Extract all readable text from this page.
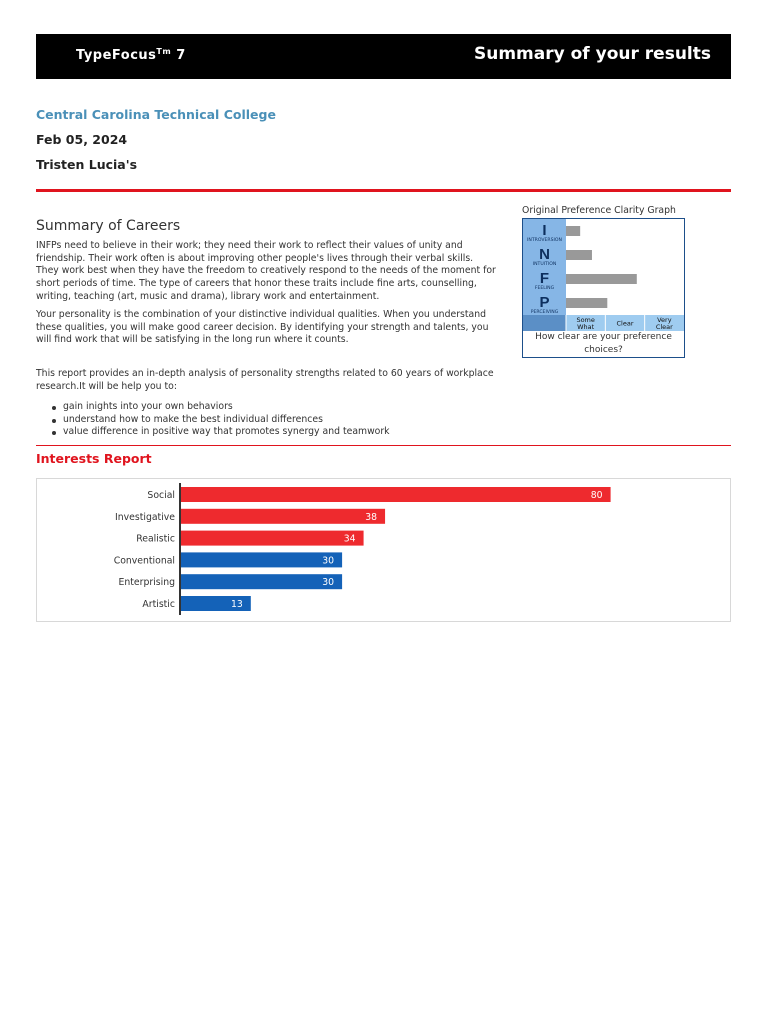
TypeFocus$^{Tm}$ 7	Summary of your results
Central Carolina Technical College
Feb 05, 2024
Tristen Lucia's
Summary of Careers
INFPs need to believe in their work; they need their work to reflect their values of unity and friendship. Their work often is about improving other people's lives through their verbal skills. They work best when they have the freedom to creatively respond to the needs of the moment for short periods of time. The type of careers that honor these traits include fine arts, counselling, writing, teaching (art, music and drama), library work and entertainment.
Your personality is the combination of your distinctive individual qualities. When you understand these qualities, you will make good career decision. By identifying your strength and talents, you will find work that will be satisfying in the long run where it counts.
This report provides an in-depth analysis of personality strengths related to 60 years of workplace research.It will be help you to:
gain inights into your own behaviors
understand how to make the best individual differences
value difference in positive way that promotes synergy and teamwork
Original Preference Clarity Graph
I
INTROVERSION
N
INTUITION
F
FEELING
P
PERCEIVING
Some
What	Clear	Very
Clear
How clear are your preference choices?
Interests Report
Social	80
Investigative	38
Realistic	34
Conventional	30
Enterprising	30
Artistic	13
